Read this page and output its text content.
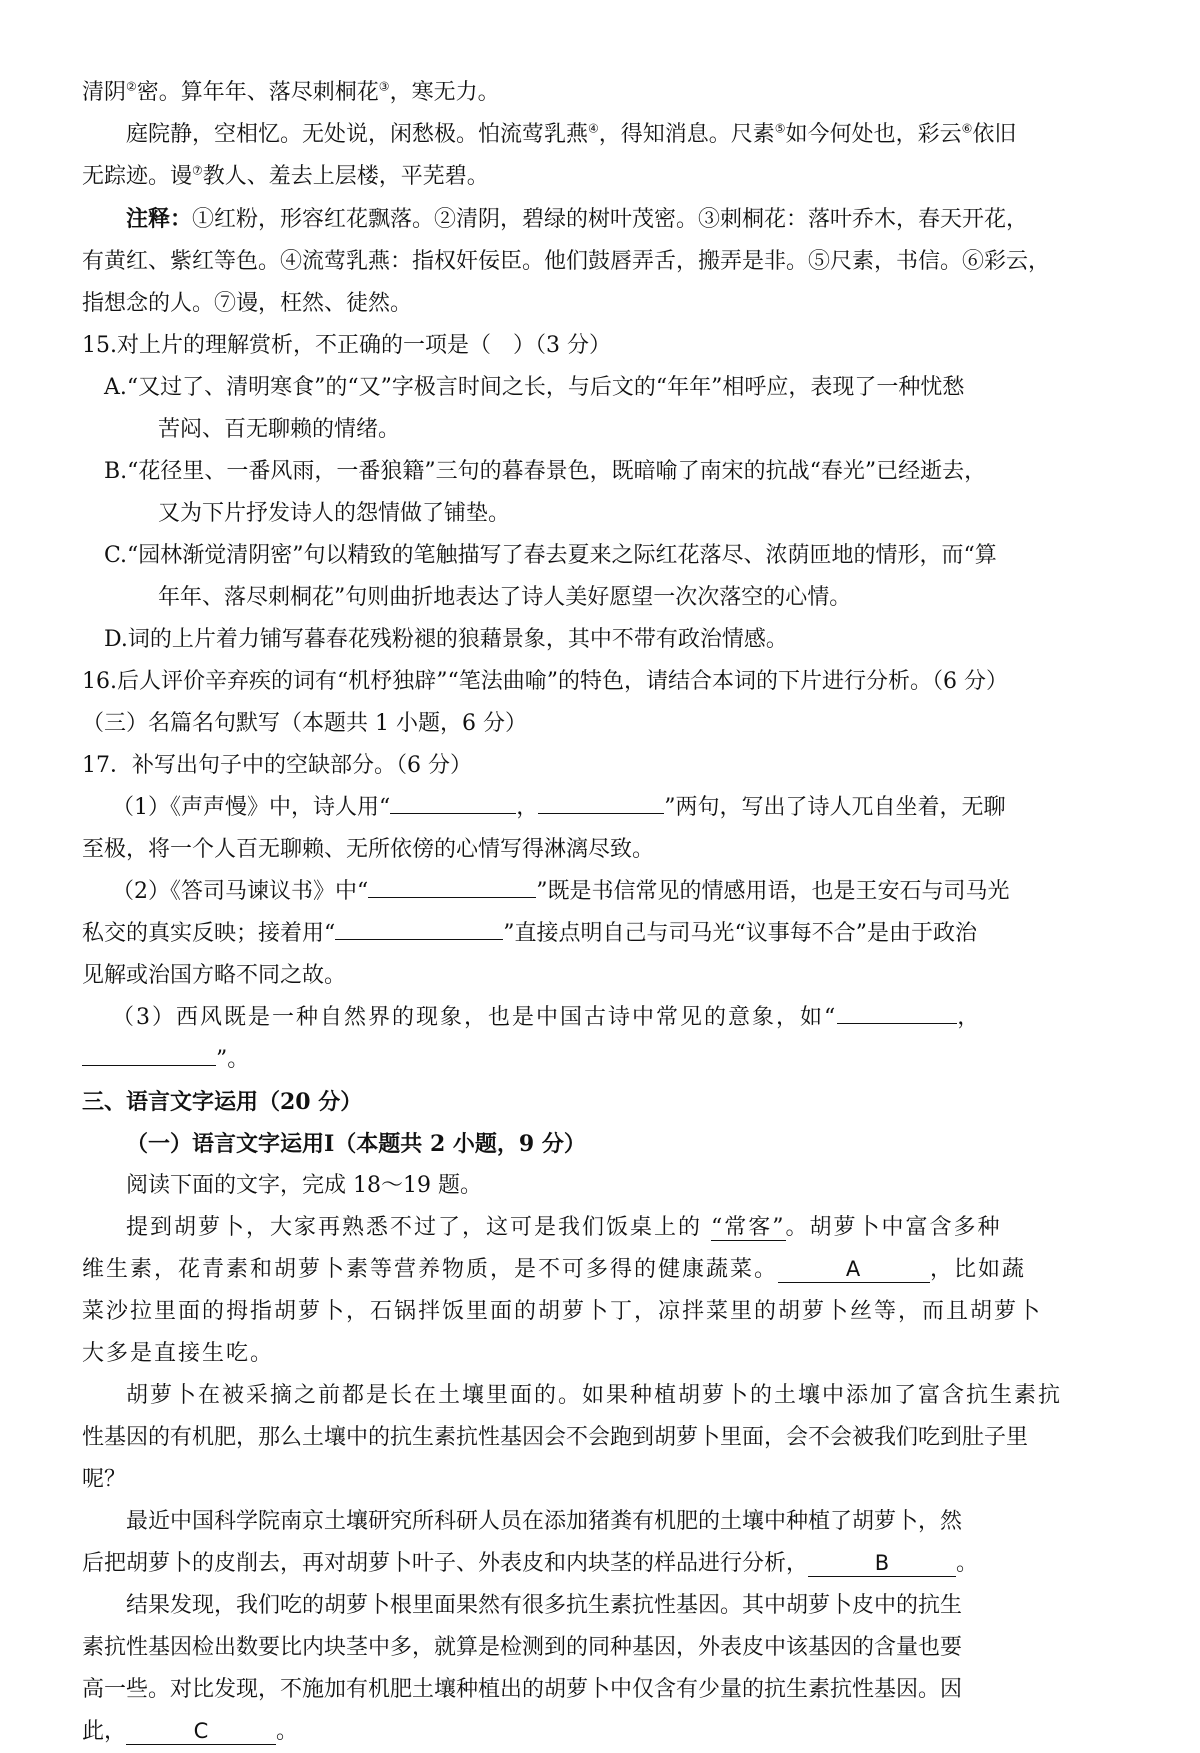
清阴②密。算年年、落尽刺桐花③，寒无力。

庭院静，空相忆。无处说，闲愁极。怕流莺乳燕④，得知消息。尺素⑤如今何处也，彩云⑥依旧

无踪迹。谩⑦教人、羞去上层楼，平芜碧。

注释：①红粉，形容红花飘落。②清阴，碧绿的树叶茂密。③刺桐花：落叶乔木，春天开花，

有黄红、紫红等色。④流莺乳燕：指权奸佞臣。他们鼓唇弄舌，搬弄是非。⑤尺素，书信。⑥彩云，

指想念的人。⑦谩，枉然、徒然。

15.对上片的理解赏析，不正确的一项是（　）（3 分）

A.“又过了、清明寒食”的“又”字极言时间之长，与后文的“年年”相呼应，表现了一种忧愁

苦闷、百无聊赖的情绪。

B.“花径里、一番风雨，一番狼籍”三句的暮春景色，既暗喻了南宋的抗战“春光”已经逝去，

又为下片抒发诗人的怨情做了铺垫。

C.“园林渐觉清阴密”句以精致的笔触描写了春去夏来之际红花落尽、浓荫匝地的情形，而“算

年年、落尽刺桐花”句则曲折地表达了诗人美好愿望一次次落空的心情。

D.词的上片着力铺写暮春花残粉褪的狼藉景象，其中不带有政治情感。

16.后人评价辛弃疾的词有“机杼独辟”“笔法曲喻”的特色，请结合本词的下片进行分析。（6 分）

（三）名篇名句默写（本题共 1 小题，6 分）

17．补写出句子中的空缺部分。（6 分）

（1）《声声慢》中，诗人用“	，	”两句，写出了诗人兀自坐着，无聊

至极，将一个人百无聊赖、无所依傍的心情写得淋漓尽致。

（2）《答司马谏议书》中“	”既是书信常见的情感用语，也是王安石与司马光

私交的真实反映；接着用“	”直接点明自己与司马光“议事每不合”是由于政治

见解或治国方略不同之故。

（3）西风既是一种自然界的现象，也是中国古诗中常见的意象，如“	，

”。

三、语言文字运用（20 分）

（一）语言文字运用Ⅰ（本题共 2 小题，9 分）

阅读下面的文字，完成 18～19 题。

提到胡萝卜，大家再熟悉不过了，这可是我们饭桌上的 “常客”。胡萝卜中富含多种

维生素，花青素和胡萝卜素等营养物质，是不可多得的健康蔬菜。	A	，比如蔬

菜沙拉里面的拇指胡萝卜，石锅拌饭里面的胡萝卜丁，凉拌菜里的胡萝卜丝等，而且胡萝卜

大多是直接生吃。

胡萝卜在被采摘之前都是长在土壤里面的。如果种植胡萝卜的土壤中添加了富含抗生素抗

性基因的有机肥，那么土壤中的抗生素抗性基因会不会跑到胡萝卜里面，会不会被我们吃到肚子里

呢？

最近中国科学院南京土壤研究所科研人员在添加猪粪有机肥的土壤中种植了胡萝卜，然

后把胡萝卜的皮削去，再对胡萝卜叶子、外表皮和内块茎的样品进行分析，	B	。

结果发现，我们吃的胡萝卜根里面果然有很多抗生素抗性基因。其中胡萝卜皮中的抗生

素抗性基因检出数要比内块茎中多，就算是检测到的同种基因，外表皮中该基因的含量也要

高一些。对比发现，不施加有机肥土壤种植出的胡萝卜中仅含有少量的抗生素抗性基因。因

此，	C	。
